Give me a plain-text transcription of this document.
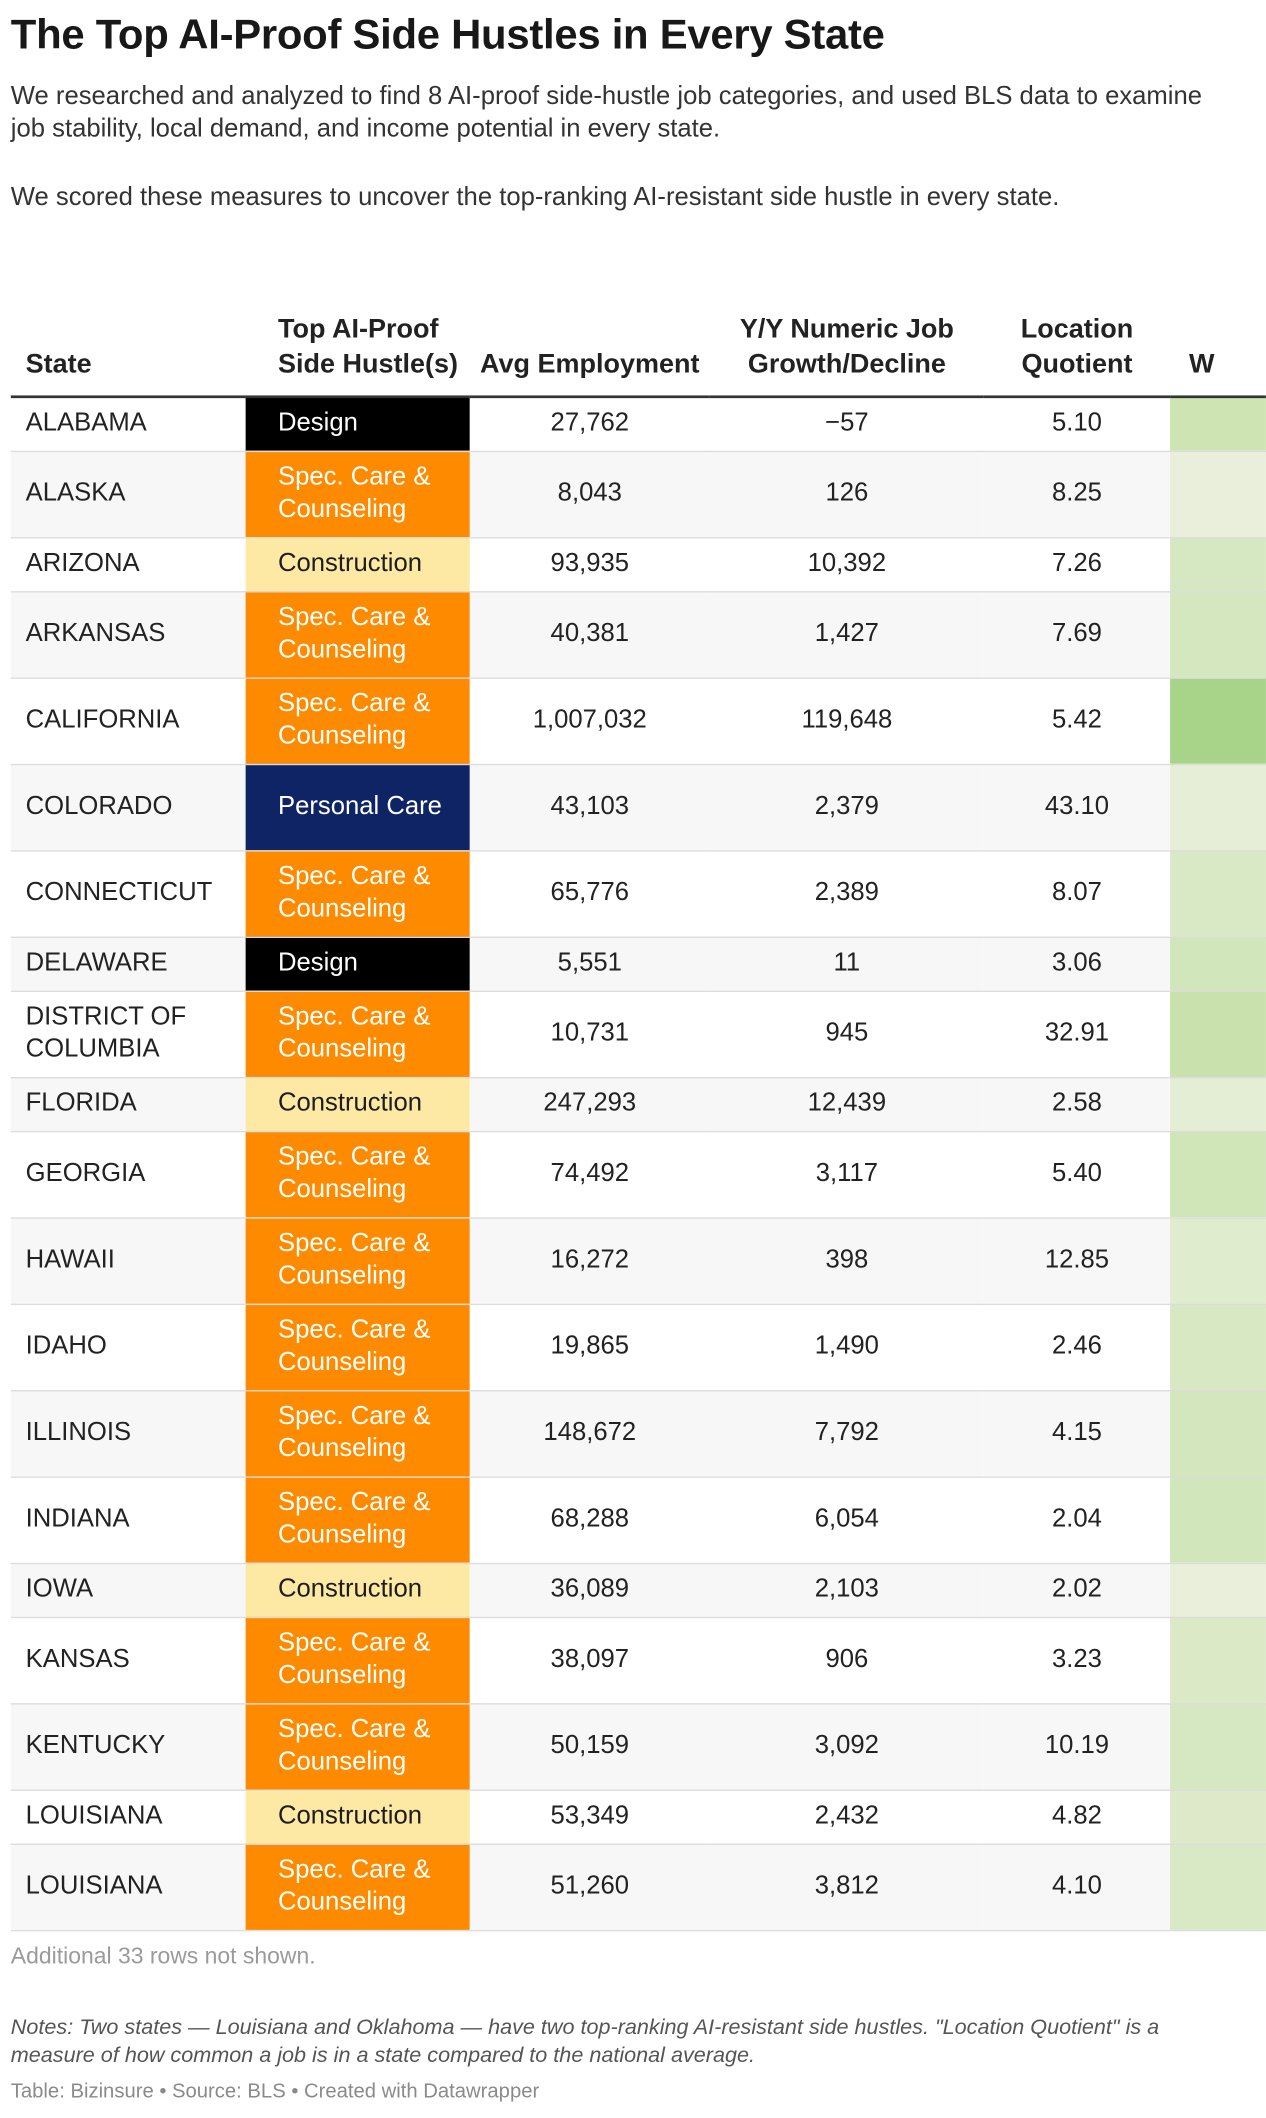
The Top AI-Proof Side Hustles in Every State
We researched and analyzed to find 8 AI-proof side-hustle job categories, and used BLS data to examine job stability, local demand, and income potential in every state.
We scored these measures to uncover the top-ranking AI-resistant side hustle in every state.
State	Top AI-Proof Side Hustle(s)	Avg Employment	Y/Y Numeric Job Growth/Decline	Location Quotient	W
ALABAMA	Design	27,762	−57	5.10	
ALASKA	Spec. Care & Counseling	8,043	126	8.25	
ARIZONA	Construction	93,935	10,392	7.26	
ARKANSAS	Spec. Care & Counseling	40,381	1,427	7.69	
CALIFORNIA	Spec. Care & Counseling	1,007,032	119,648	5.42	
COLORADO	Personal Care	43,103	2,379	43.10	
CONNECTICUT	Spec. Care & Counseling	65,776	2,389	8.07	
DELAWARE	Design	5,551	11	3.06	
DISTRICT OF COLUMBIA	Spec. Care & Counseling	10,731	945	32.91	
FLORIDA	Construction	247,293	12,439	2.58	
GEORGIA	Spec. Care & Counseling	74,492	3,117	5.40	
HAWAII	Spec. Care & Counseling	16,272	398	12.85	
IDAHO	Spec. Care & Counseling	19,865	1,490	2.46	
ILLINOIS	Spec. Care & Counseling	148,672	7,792	4.15	
INDIANA	Spec. Care & Counseling	68,288	6,054	2.04	
IOWA	Construction	36,089	2,103	2.02	
KANSAS	Spec. Care & Counseling	38,097	906	3.23	
KENTUCKY	Spec. Care & Counseling	50,159	3,092	10.19	
LOUISIANA	Construction	53,349	2,432	4.82	
LOUISIANA	Spec. Care & Counseling	51,260	3,812	4.10	
Additional 33 rows not shown.
Notes: Two states — Louisiana and Oklahoma — have two top-ranking AI-resistant side hustles. "Location Quotient" is a measure of how common a job is in a state compared to the national average.
Table: Bizinsure • Source: BLS • Created with Datawrapper
